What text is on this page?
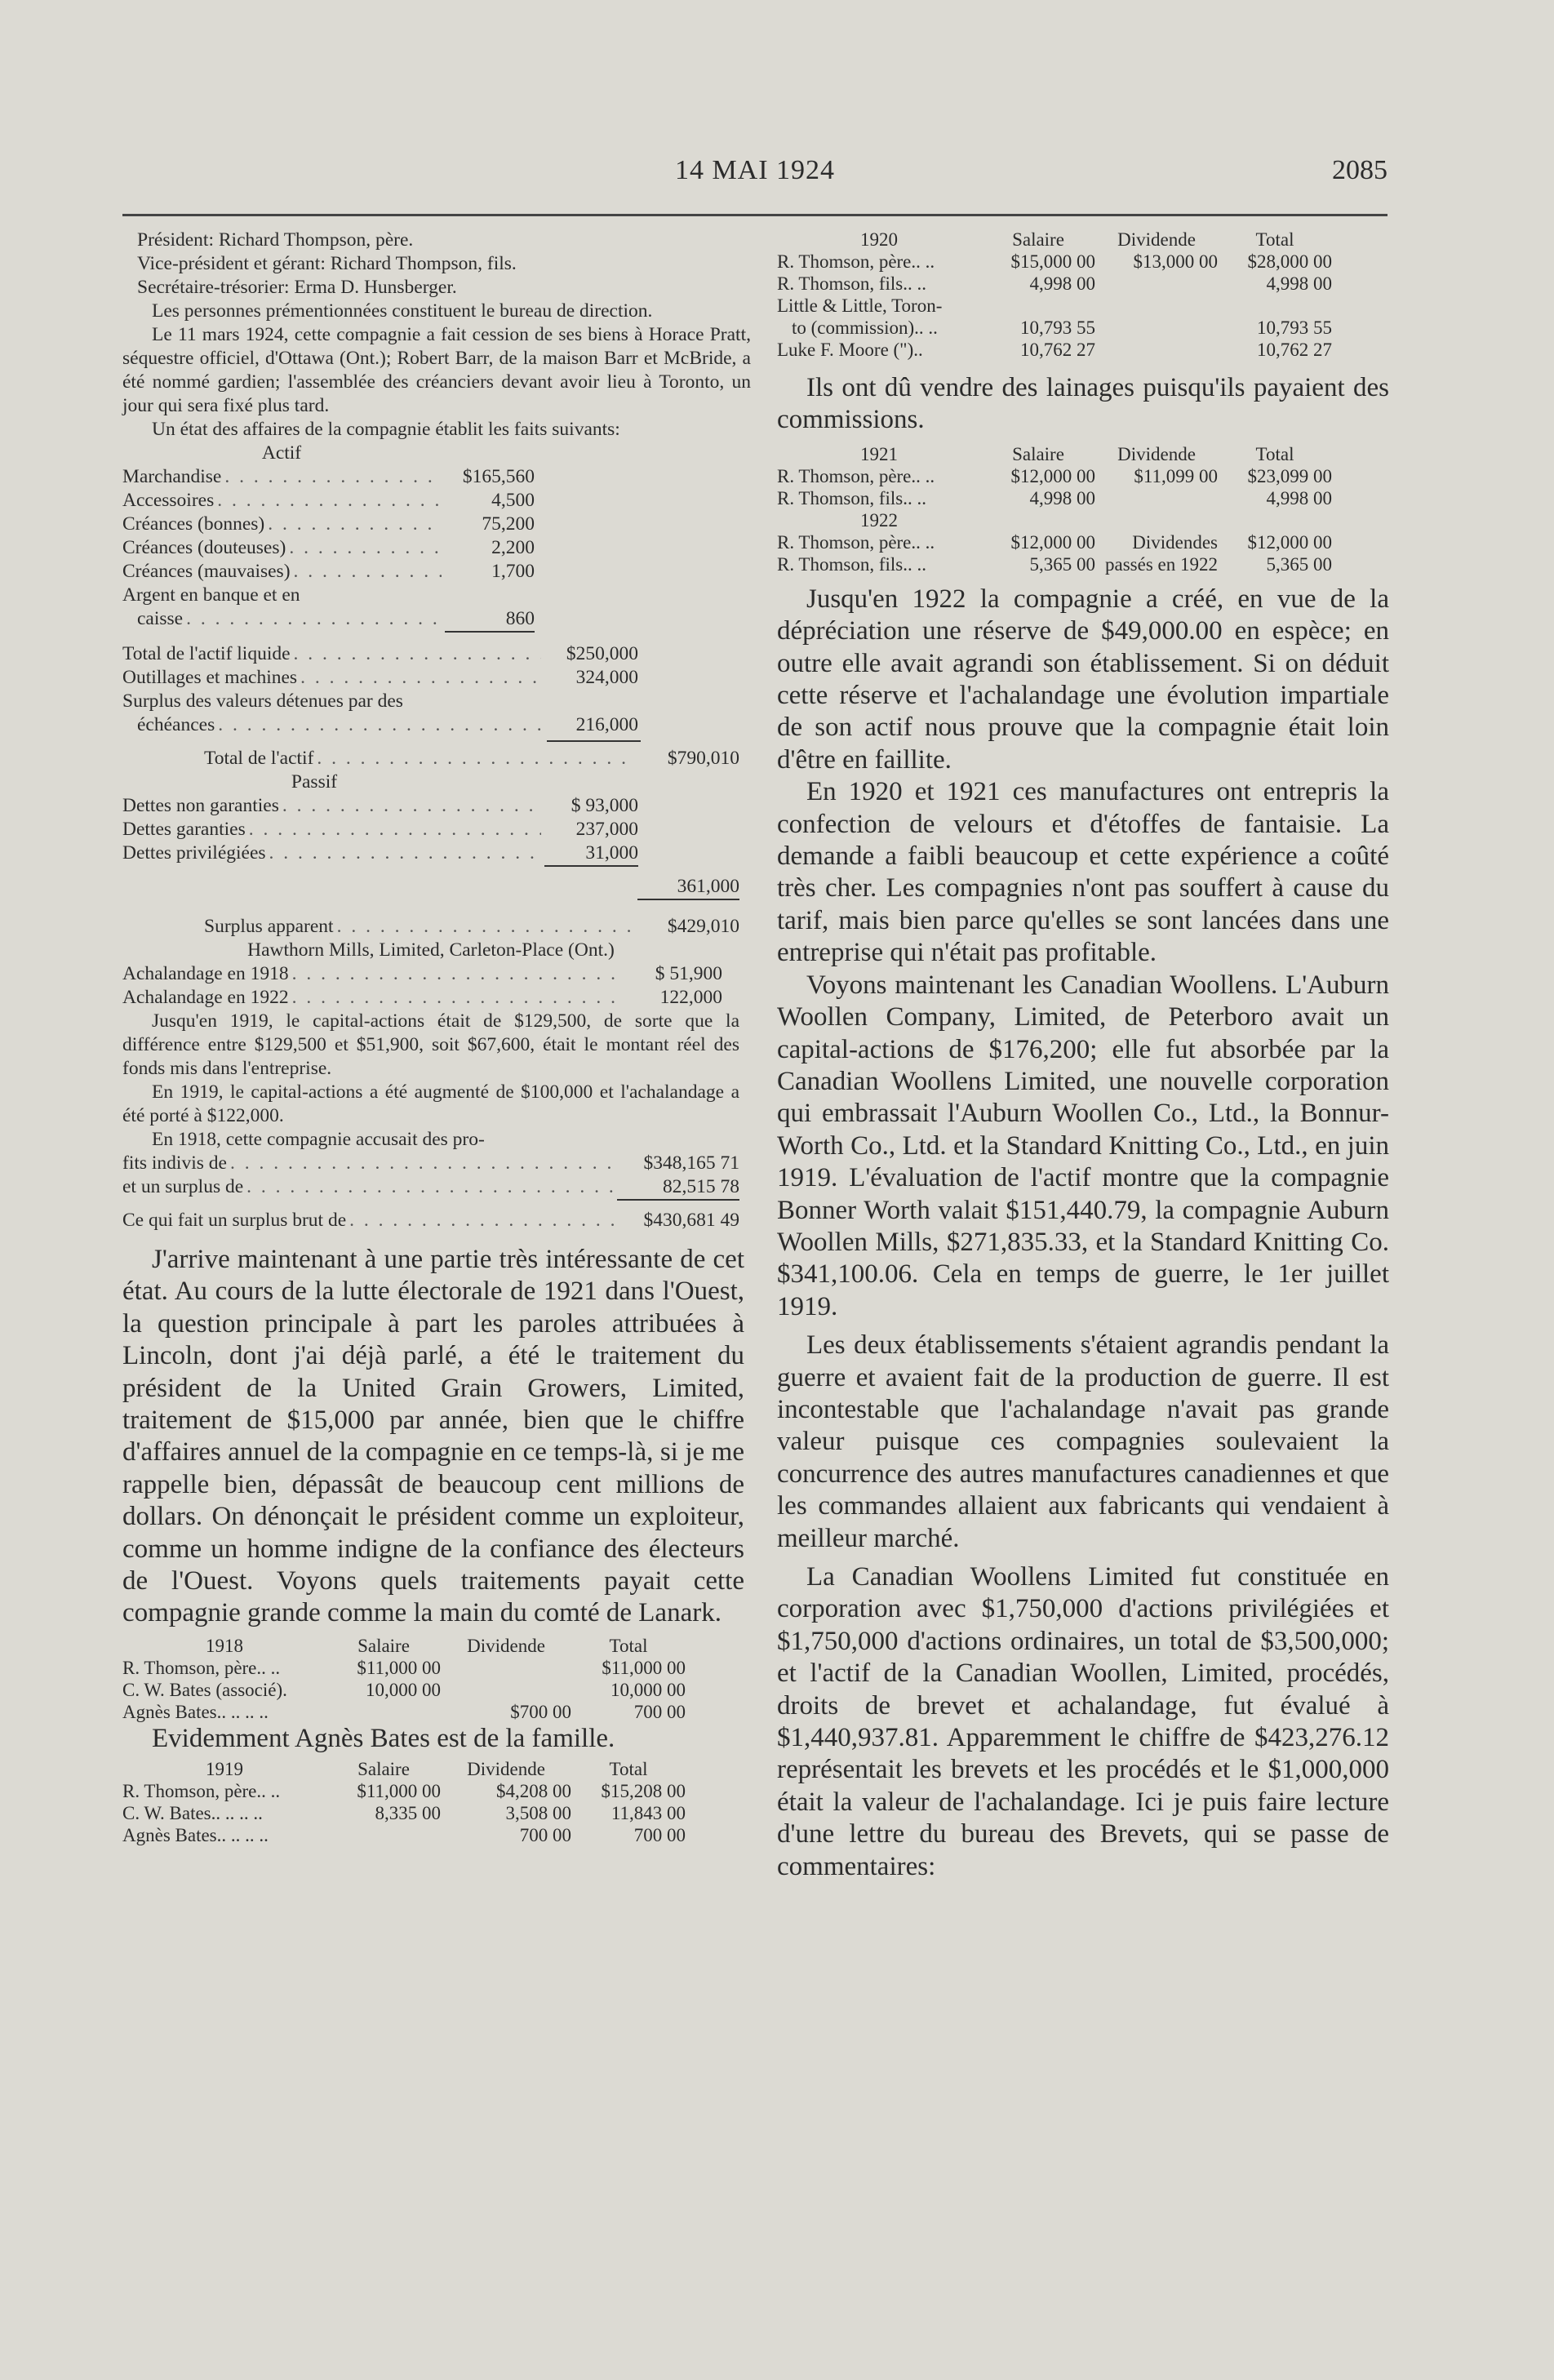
14 MAI 1924	2085

Président: Richard Thompson, père.

Vice-président et gérant: Richard Thompson, fils.

Secrétaire-trésorier: Erma D. Hunsberger.

Les personnes prémentionnées constituent le bureau de direction.

Le 11 mars 1924, cette compagnie a fait cession de ses biens à Horace Pratt, séquestre officiel, d'Ottawa (Ont.); Robert Barr, de la maison Barr et McBride, a été nommé gardien; l'assemblée des créanciers devant avoir lieu à Toronto, un jour qui sera fixé plus tard.

Un état des affaires de la compagnie établit les faits suivants:

Actif
Marchandise . . .	$165,560
Accessoires . . .	4,500
Créances (bonnes) . . .	75,200
Créances (douteuses) . . .	2,200
Créances (mauvaises) . . .	1,700
Argent en banque et en
caisse . . .	860
Total de l'actif liquide . . .	$250,000
Outillages et machines . . .	324,000
Surplus des valeurs détenues par des
échéances . . .	216,000
Total de l'actif . . .	$790,010
Passif
Dettes non garanties . . .	$ 93,000
Dettes garanties . . .	237,000
Dettes privilégiées . . .	31,000
361,000
Surplus apparent . . .	$429,010
Hawthorn Mills, Limited, Carleton-Place (Ont.)
Achalandage en 1918 . . .	$ 51,900
Achalandage en 1922 . . .	122,000

Jusqu'en 1919, le capital-actions était de $129,500, de sorte que la différence entre $129,500 et $51,900, soit $67,600, était le montant réel des fonds mis dans l'entreprise.

En 1919, le capital-actions a été augmenté de $100,000 et l'achalandage a été porté à $122,000.

En 1918, cette compagnie accusait des pro-

fits indivis de . . .	$348,165 71
et un surplus de . . .	82,515 78
Ce qui fait un surplus brut de . . .	$430,681 49

J'arrive maintenant à une partie très intéressante de cet état. Au cours de la lutte électorale de 1921 dans l'Ouest, la question principale à part les paroles attribuées à Lincoln, dont j'ai déjà parlé, a été le traitement du président de la United Grain Growers, Limited, traitement de $15,000 par année, bien que le chiffre d'affaires annuel de la compagnie en ce temps-là, si je me rappelle bien, dépassât de beaucoup cent millions de dollars. On dénonçait le président comme un exploiteur, comme un homme indigne de la confiance des électeurs de l'Ouest. Voyons quels traitements payait cette compagnie grande comme la main du comté de Lanark.

1918	Salaire	Dividende	Total
R. Thomson, père.. ..	$11,000 00		$11,000 00
C. W. Bates (associé).	10,000 00		10,000 00
Agnès Bates.. .. .. ..		$700 00	700 00
Evidemment Agnès Bates est de la famille.
1919	Salaire	Dividende	Total
R. Thomson, père.. ..	$11,000 00	$4,208 00	$15,208 00
C. W. Bates.. .. .. ..	8,335 00	3,508 00	11,843 00
Agnès Bates.. .. .. ..		700 00	700 00
1920	Salaire	Dividende	Total
R. Thomson, père.. ..	$15,000 00	$13,000 00	$28,000 00
R. Thomson, fils.. ..	4,998 00		4,998 00
Little & Little, Toron-			
to (commission).. ..	10,793 55		10,793 55
Luke F. Moore (")..	10,762 27		10,762 27

Ils ont dû vendre des lainages puisqu'ils payaient des commissions.

1921	Salaire	Dividende	Total
R. Thomson, père.. ..	$12,000 00	$11,099 00	$23,099 00
R. Thomson, fils.. ..	4,998 00		4,998 00
1922			
R. Thomson, père.. ..	$12,000 00	Dividendes	$12,000 00
R. Thomson, fils.. ..	5,365 00	passés en 1922	5,365 00

Jusqu'en 1922 la compagnie a créé, en vue de la dépréciation une réserve de $49,000.00 en espèce; en outre elle avait agrandi son établissement. Si on déduit cette réserve et l'achalandage une évolution impartiale de son actif nous prouve que la compagnie était loin d'être en faillite.

En 1920 et 1921 ces manufactures ont entrepris la confection de velours et d'étoffes de fantaisie. La demande a faibli beaucoup et cette expérience a coûté très cher. Les compagnies n'ont pas souffert à cause du tarif, mais bien parce qu'elles se sont lancées dans une entreprise qui n'était pas profitable.

Voyons maintenant les Canadian Woollens. L'Auburn Woollen Company, Limited, de Peterboro avait un capital-actions de $176,200; elle fut absorbée par la Canadian Woollens Limited, une nouvelle corporation qui embrassait l'Auburn Woollen Co., Ltd., la Bonnur-Worth Co., Ltd. et la Standard Knitting Co., Ltd., en juin 1919. L'évaluation de l'actif montre que la compagnie Bonner Worth valait $151,440.79, la compagnie Auburn Woollen Mills, $271,835.33, et la Standard Knitting Co. $341,100.06. Cela en temps de guerre, le 1er juillet 1919.

Les deux établissements s'étaient agrandis pendant la guerre et avaient fait de la production de guerre. Il est incontestable que l'achalandage n'avait pas grande valeur puisque ces compagnies soulevaient la concurrence des autres manufactures canadiennes et que les commandes allaient aux fabricants qui vendaient à meilleur marché.

La Canadian Woollens Limited fut constituée en corporation avec $1,750,000 d'actions privilégiées et $1,750,000 d'actions ordinaires, un total de $3,500,000; et l'actif de la Canadian Woollen, Limited, procédés, droits de brevet et achalandage, fut évalué à $1,440,937.81. Apparemment le chiffre de $423,276.12 représentait les brevets et les procédés et le $1,000,000 était la valeur de l'achalandage. Ici je puis faire lecture d'une lettre du bureau des Brevets, qui se passe de commentaires:
